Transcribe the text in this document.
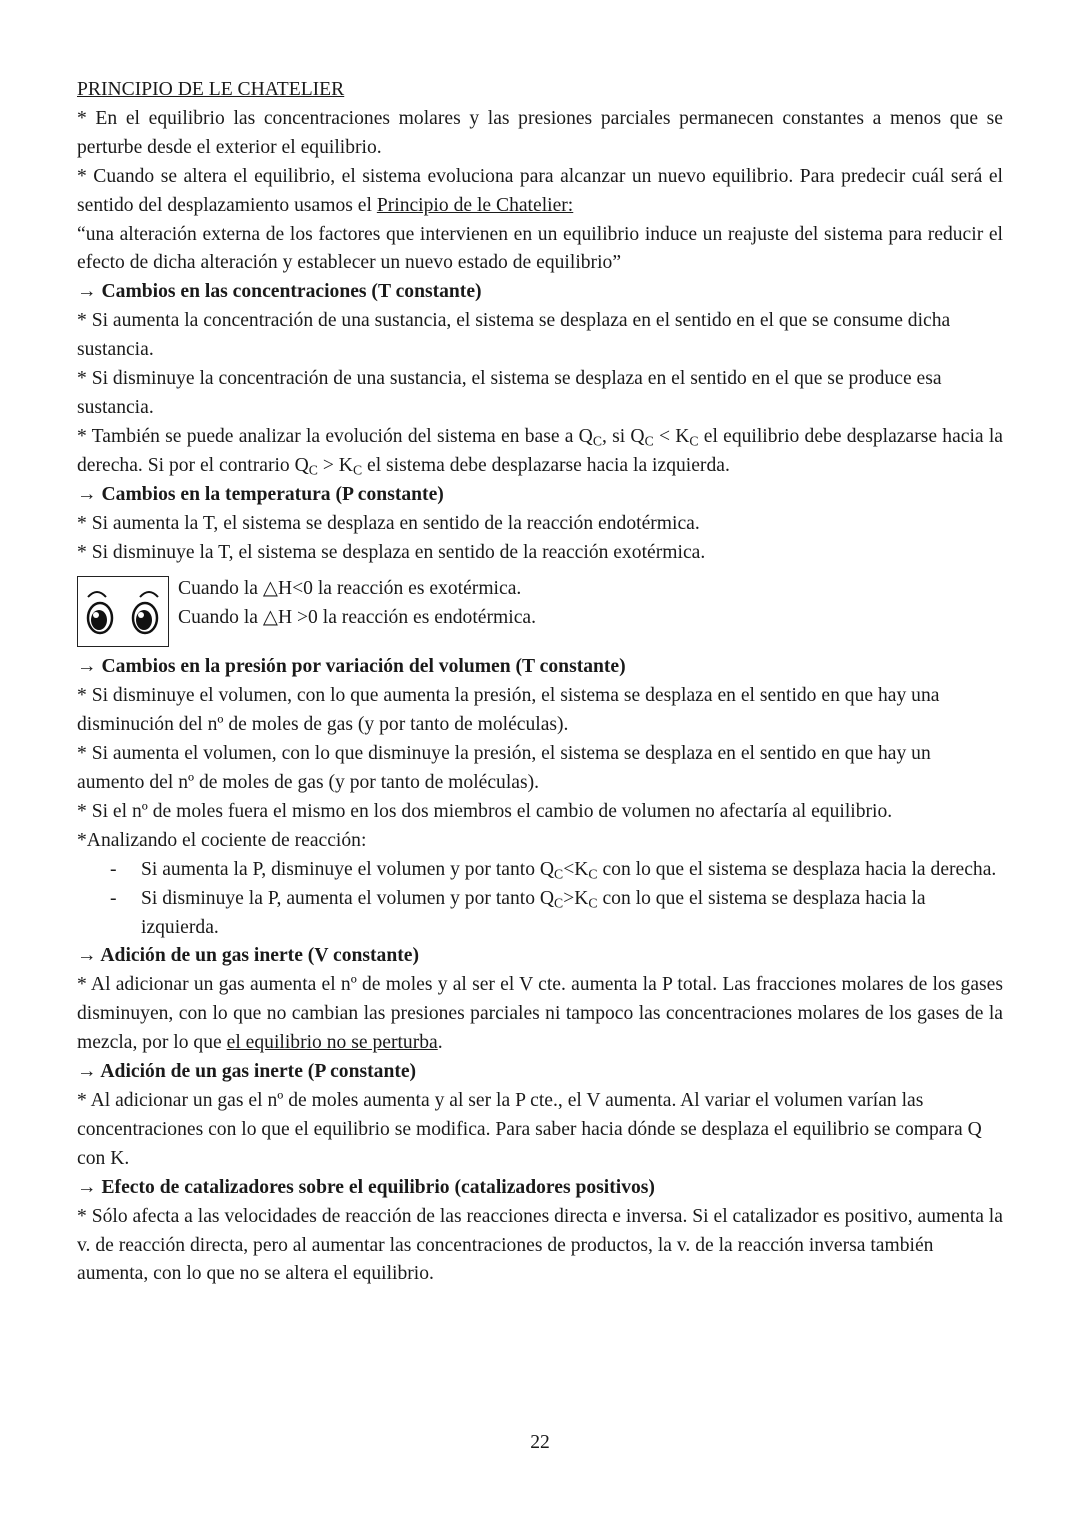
PRINCIPIO DE LE CHATELIER

* En el equilibrio las concentraciones molares y las presiones parciales permanecen constantes a menos que se perturbe desde el exterior el equilibrio.

* Cuando se altera el equilibrio, el sistema evoluciona para alcanzar un nuevo equilibrio. Para predecir cuál será el sentido del desplazamiento usamos el Principio de le Chatelier:

“una alteración externa de los factores que intervienen en un equilibrio induce un reajuste del sistema para reducir el efecto de dicha alteración y establecer un nuevo estado de equilibrio”

→ Cambios en las concentraciones (T constante)

* Si aumenta la concentración de una sustancia, el sistema se desplaza en el sentido en el que se consume dicha sustancia.

* Si disminuye la concentración de una sustancia, el sistema se desplaza en el sentido en el que se produce esa sustancia.

* También se puede analizar la evolución del sistema en base a $Q_C$, si $Q_C < K_C$ el equilibrio debe desplazarse hacia la derecha. Si por el contrario $Q_C > K_C$ el sistema debe desplazarse hacia la izquierda.

→ Cambios en la temperatura (P constante)

* Si aumenta la T, el sistema se desplaza en sentido de la reacción endotérmica.

* Si disminuye la T, el sistema se desplaza en sentido de la reacción exotérmica.

Cuando la △H<0 la reacción es exotérmica.

Cuando la △H >0 la reacción es endotérmica.

→ Cambios en la presión por variación del volumen (T constante)

* Si disminuye el volumen, con lo que aumenta la presión, el sistema se desplaza en el sentido en que hay una disminución del nº de moles de gas (y por tanto de moléculas).

* Si aumenta el volumen, con lo que disminuye la presión, el sistema se desplaza en el sentido en que hay un aumento del nº de moles de gas (y por tanto de moléculas).

* Si el nº de moles fuera el mismo en los dos miembros el cambio de volumen no afectaría al equilibrio.

*Analizando el cociente de reacción:

- Si aumenta la P, disminuye el volumen y por tanto $Q_C<K_C$ con lo que el sistema se desplaza hacia la derecha.
- Si disminuye la P, aumenta el volumen y por tanto $Q_C>K_C$ con lo que el sistema se desplaza hacia la izquierda.

→ Adición de un gas inerte (V constante)

* Al adicionar un gas aumenta el nº de moles y al ser el V cte. aumenta la P total. Las fracciones molares de los gases disminuyen, con lo que no cambian las presiones parciales ni tampoco las concentraciones molares de los gases de la mezcla, por lo que el equilibrio no se perturba.

→ Adición de un gas inerte (P constante)

* Al adicionar un gas el nº de moles aumenta y al ser la P cte., el V aumenta. Al variar el volumen varían las concentraciones con lo que el equilibrio se modifica. Para saber hacia dónde se desplaza el equilibrio se compara Q con K.

→ Efecto de catalizadores sobre el equilibrio (catalizadores positivos)

* Sólo afecta a las velocidades de reacción de las reacciones directa e inversa. Si el catalizador es positivo, aumenta la v. de reacción directa, pero al aumentar las concentraciones de productos, la v. de la reacción inversa también aumenta, con lo que no se altera el equilibrio.

22
